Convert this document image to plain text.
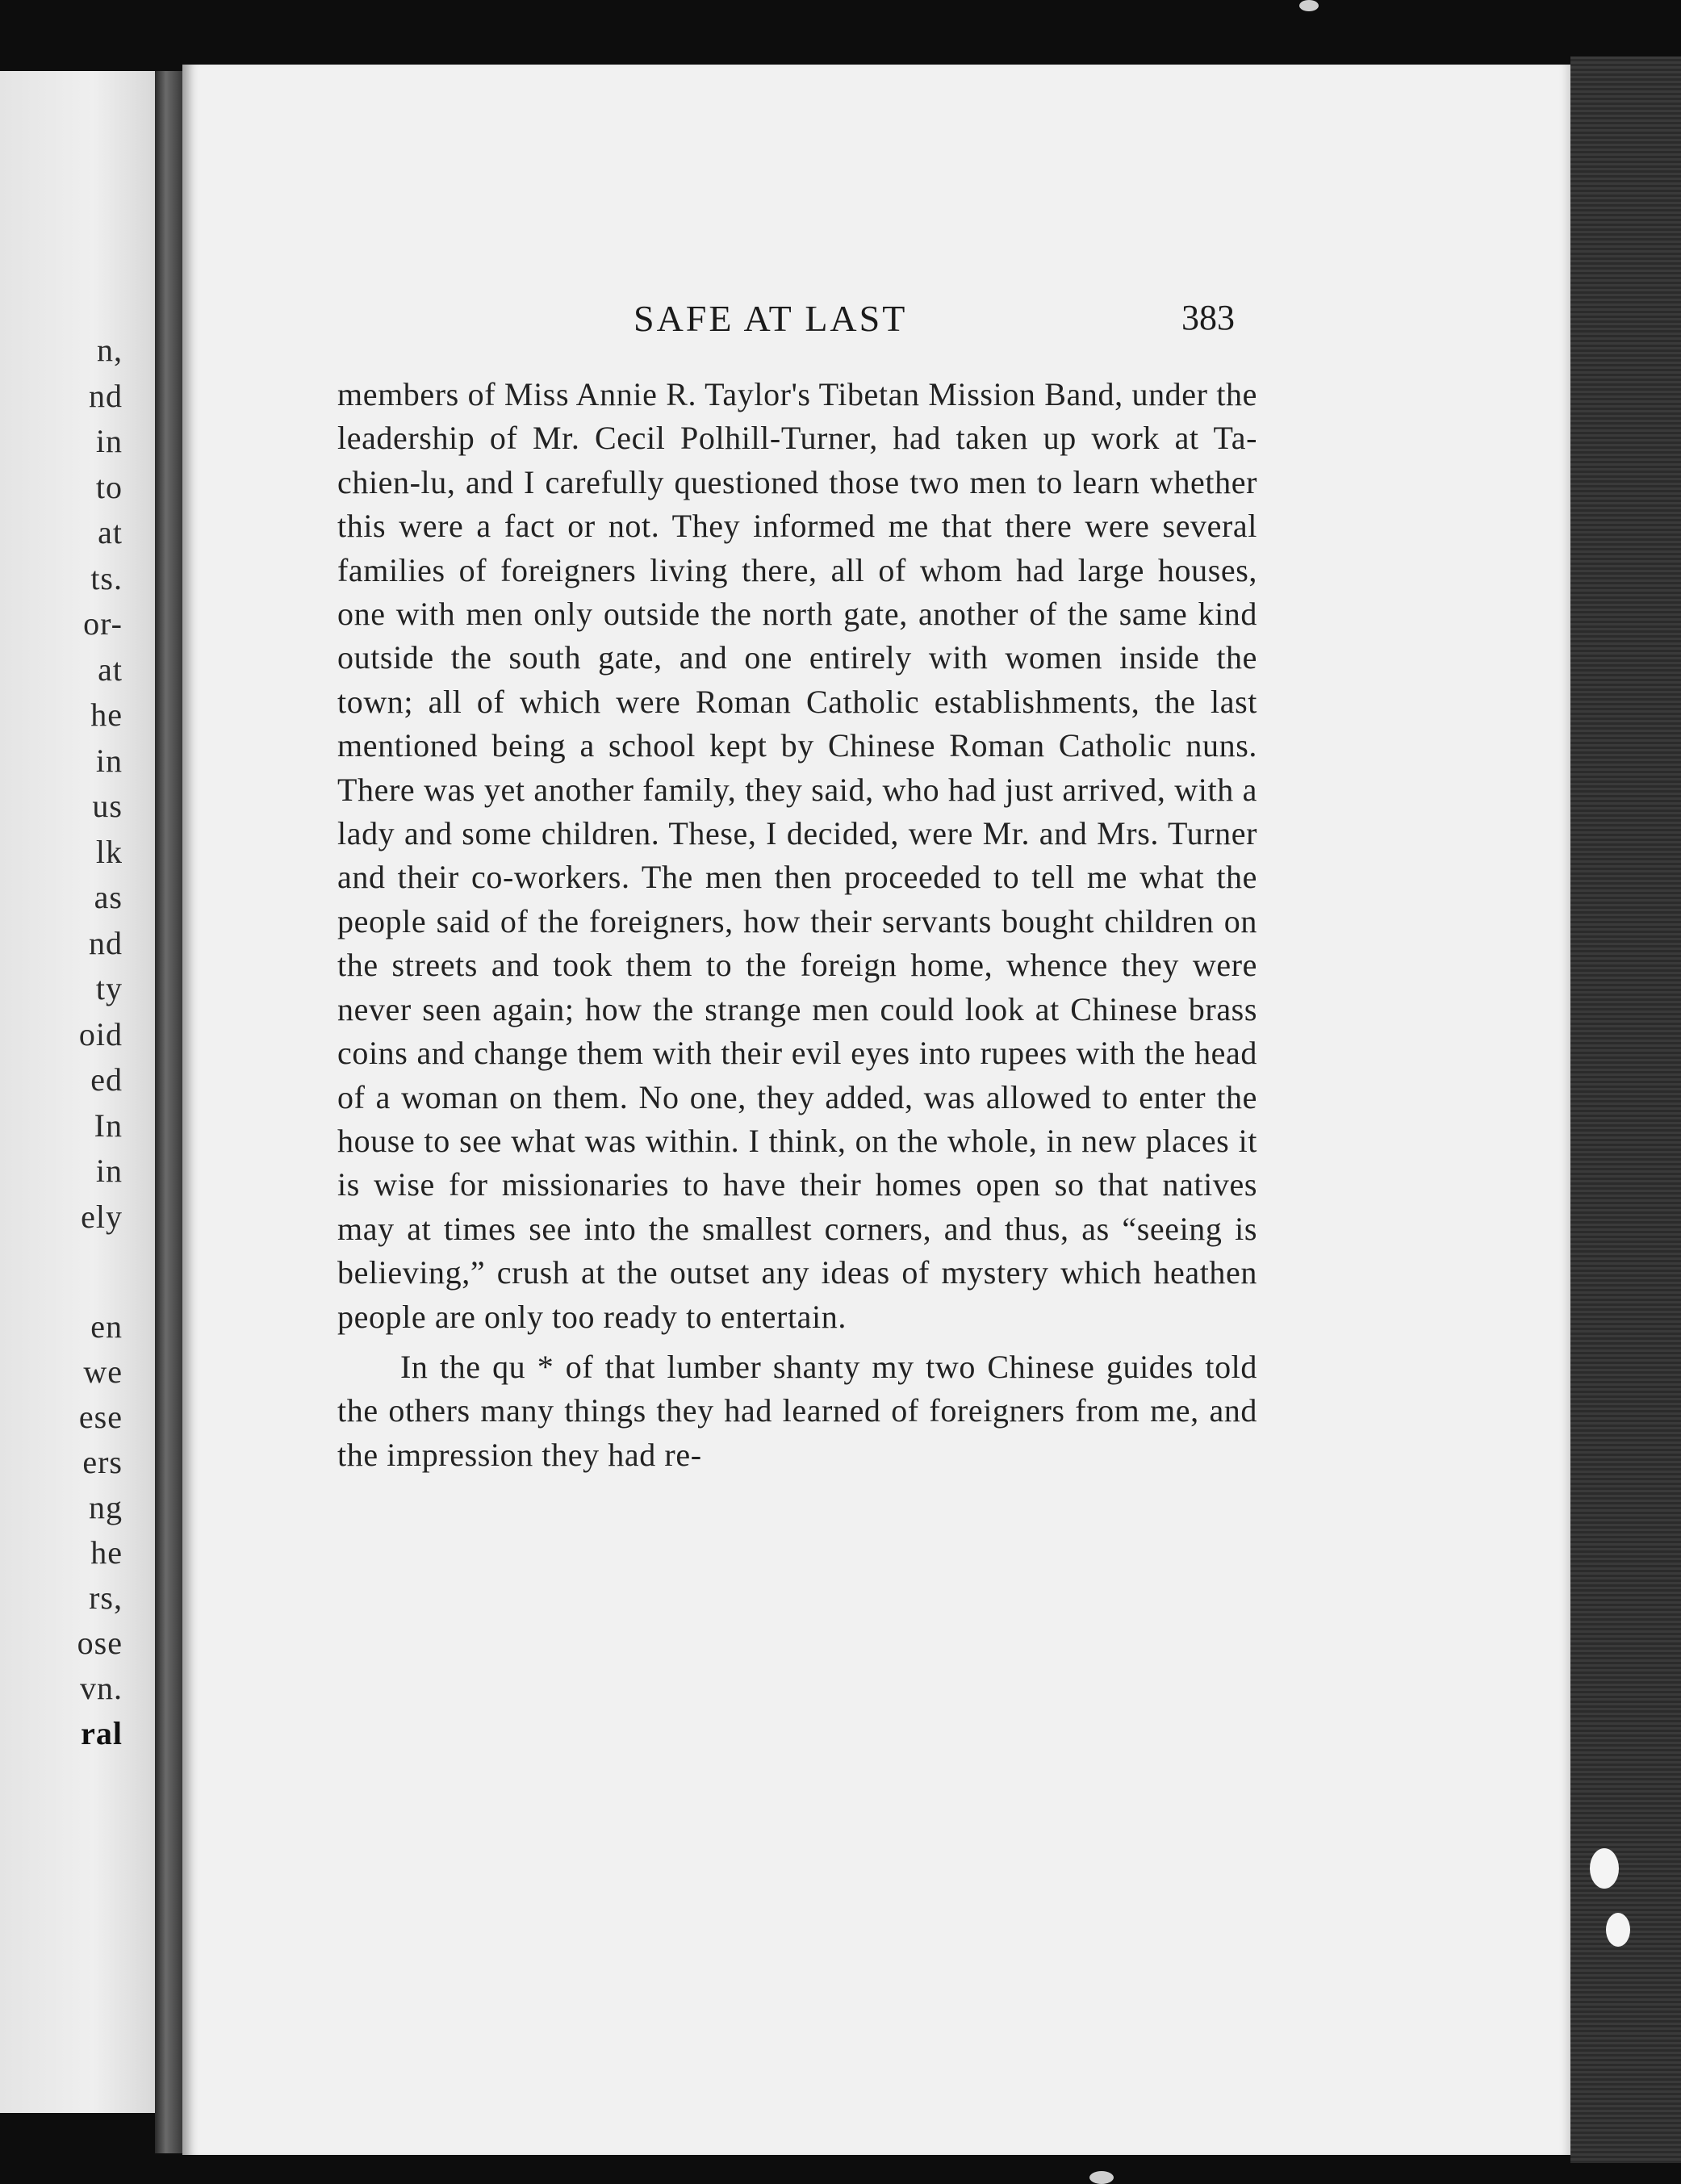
n,
nd
in
to
at
ts.
or-
at
he
in
us
lk
as
nd
ty
oid
ed
In
in
ely
en
we
ese
ers
ng
he
rs,
ose
vn.
ral
SAFE AT LAST	383

members of Miss Annie R. Taylor's Tibetan Mission Band, under the leadership of Mr. Cecil Polhill-Turner, had taken up work at Ta-chien-lu, and I carefully questioned those two men to learn whether this were a fact or not. They informed me that there were several families of foreigners living there, all of whom had large houses, one with men only outside the north gate, another of the same kind outside the south gate, and one entirely with women inside the town; all of which were Roman Catholic establishments, the last mentioned being a school kept by Chinese Roman Catholic nuns. There was yet another family, they said, who had just arrived, with a lady and some children. These, I decided, were Mr. and Mrs. Turner and their co-workers. The men then proceeded to tell me what the people said of the foreigners, how their servants bought children on the streets and took them to the foreign home, whence they were never seen again; how the strange men could look at Chinese brass coins and change them with their evil eyes into rupees with the head of a woman on them. No one, they added, was allowed to enter the house to see what was within. I think, on the whole, in new places it is wise for missionaries to have their homes open so that natives may at times see into the smallest corners, and thus, as “seeing is believing,” crush at the outset any ideas of mystery which heathen people are only too ready to entertain.

In the qu * of that lumber shanty my two Chinese guides told the others many things they had learned of foreigners from me, and the impression they had re-
